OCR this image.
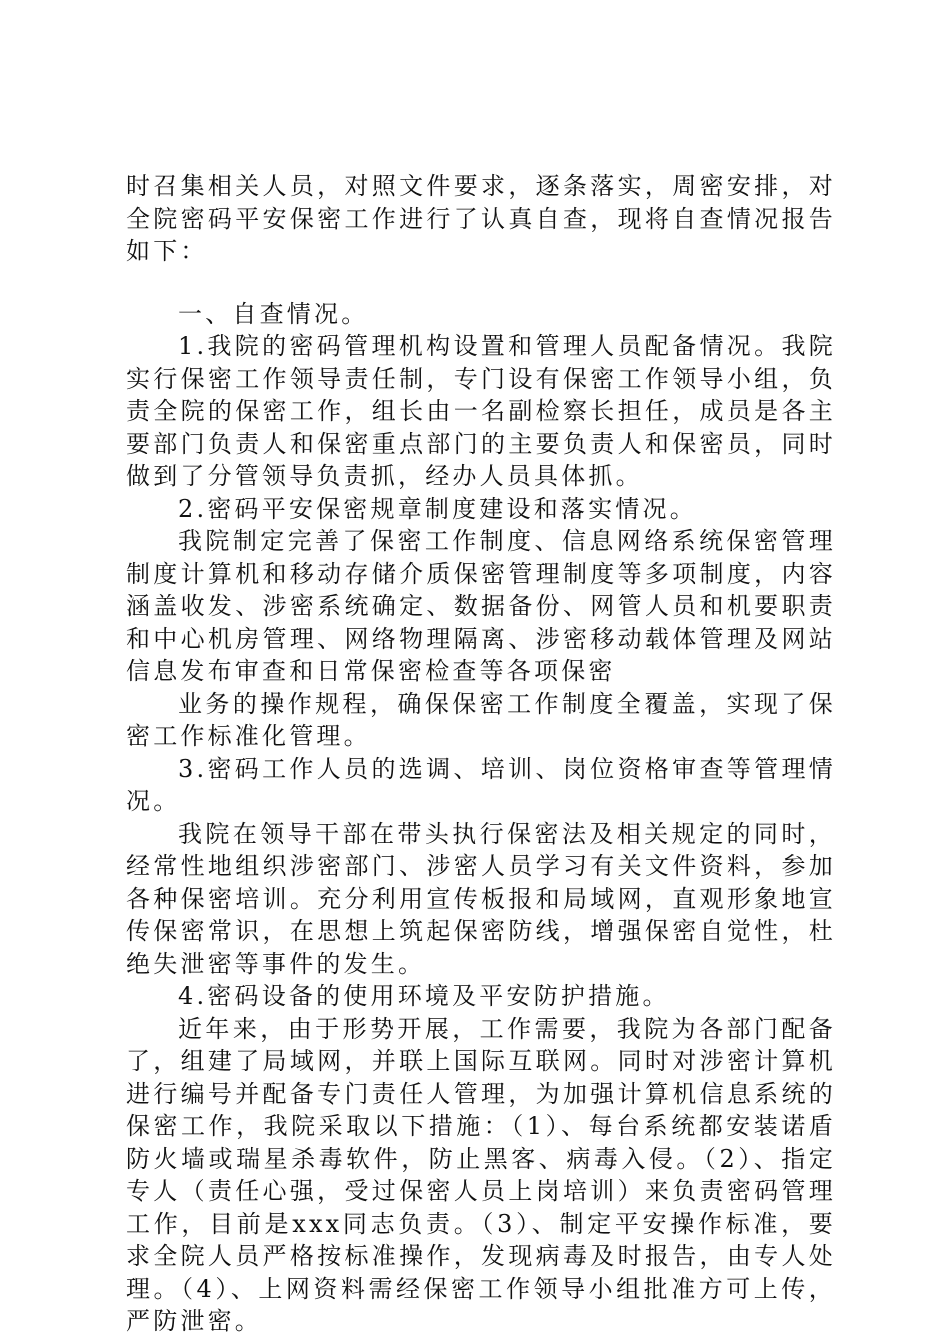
时召集相关人员，对照文件要求，逐条落实，周密安排，对全院密码平安保密工作进行了认真自查，现将自查情况报告如下：

一、自查情况。

1.我院的密码管理机构设置和管理人员配备情况。我院实行保密工作领导责任制，专门设有保密工作领导小组，负责全院的保密工作，组长由一名副检察长担任，成员是各主要部门负责人和保密重点部门的主要负责人和保密员，同时做到了分管领导负责抓，经办人员具体抓。

2.密码平安保密规章制度建设和落实情况。

我院制定完善了保密工作制度、信息网络系统保密管理制度计算机和移动存储介质保密管理制度等多项制度，内容涵盖收发、涉密系统确定、数据备份、网管人员和机要职责和中心机房管理、网络物理隔离、涉密移动载体管理及网站信息发布审查和日常保密检查等各项保密

业务的操作规程，确保保密工作制度全覆盖，实现了保密工作标准化管理。

3.密码工作人员的选调、培训、岗位资格审查等管理情况。

我院在领导干部在带头执行保密法及相关规定的同时，经常性地组织涉密部门、涉密人员学习有关文件资料，参加各种保密培训。充分利用宣传板报和局域网，直观形象地宣传保密常识，在思想上筑起保密防线，增强保密自觉性，杜绝失泄密等事件的发生。

4.密码设备的使用环境及平安防护措施。

近年来，由于形势开展，工作需要，我院为各部门配备了，组建了局域网，并联上国际互联网。同时对涉密计算机进行编号并配备专门责任人管理，为加强计算机信息系统的保密工作，我院采取以下措施：（1）、每台系统都安装诺盾防火墙或瑞星杀毒软件，防止黑客、病毒入侵。（2）、指定专人（责任心强，受过保密人员上岗培训）来负责密码管理工作，目前是xxx同志负责。（3）、制定平安操作标准，要求全院人员严格按标准操作，发现病毒及时报告，由专人处理。（4）、上网资料需经保密工作领导小组批准方可上传，严防泄密。
